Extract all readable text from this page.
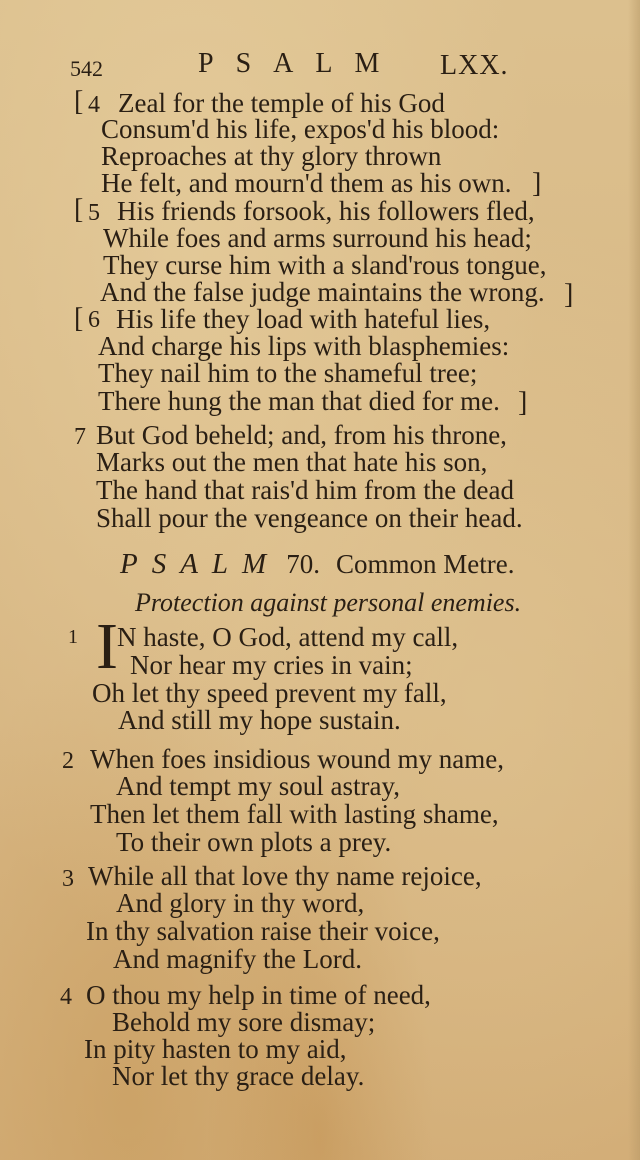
542	PSALM LXX.
[ 4 Zeal for the temple of his God
Consum'd his life, expos'd his blood:
Reproaches at thy glory thrown
He felt, and mourn'd them as his own. ]
[ 5 His friends forsook, his followers fled,
While foes and arms surround his head;
They curse him with a sland'rous tongue,
And the false judge maintains the wrong. ]
[ 6 His life they load with hateful lies,
And charge his lips with blasphemies:
They nail him to the shameful tree;
There hung the man that died for me. ]
7 But God beheld; and, from his throne,
Marks out the men that hate his son,
The hand that rais'd him from the dead
Shall pour the vengeance on their head.
PSALM 70. Common Metre.
Protection against personal enemies.
1 I N haste, O God, attend my call,
Nor hear my cries in vain;
Oh let thy speed prevent my fall,
And still my hope sustain.
2 When foes insidious wound my name,
And tempt my soul astray,
Then let them fall with lasting shame,
To their own plots a prey.
3 While all that love thy name rejoice,
And glory in thy word,
In thy salvation raise their voice,
And magnify the Lord.
4 O thou my help in time of need,
Behold my sore dismay;
In pity hasten to my aid,
Nor let thy grace delay.
